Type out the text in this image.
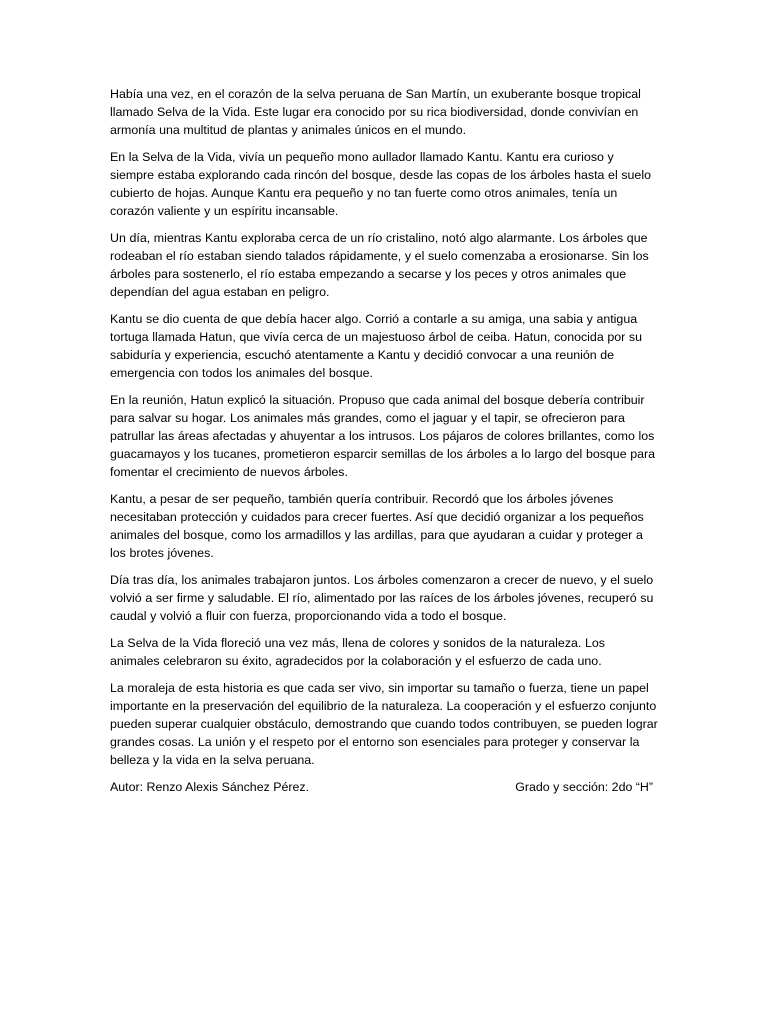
Había una vez, en el corazón de la selva peruana de San Martín, un exuberante bosque tropical llamado Selva de la Vida. Este lugar era conocido por su rica biodiversidad, donde convivían en armonía una multitud de plantas y animales únicos en el mundo.

En la Selva de la Vida, vivía un pequeño mono aullador llamado Kantu. Kantu era curioso y siempre estaba explorando cada rincón del bosque, desde las copas de los árboles hasta el suelo cubierto de hojas. Aunque Kantu era pequeño y no tan fuerte como otros animales, tenía un corazón valiente y un espíritu incansable.

Un día, mientras Kantu exploraba cerca de un río cristalino, notó algo alarmante. Los árboles que rodeaban el río estaban siendo talados rápidamente, y el suelo comenzaba a erosionarse. Sin los árboles para sostenerlo, el río estaba empezando a secarse y los peces y otros animales que dependían del agua estaban en peligro.

Kantu se dio cuenta de que debía hacer algo. Corrió a contarle a su amiga, una sabia y antigua tortuga llamada Hatun, que vivía cerca de un majestuoso árbol de ceiba. Hatun, conocida por su sabiduría y experiencia, escuchó atentamente a Kantu y decidió convocar a una reunión de emergencia con todos los animales del bosque.

En la reunión, Hatun explicó la situación. Propuso que cada animal del bosque debería contribuir para salvar su hogar. Los animales más grandes, como el jaguar y el tapir, se ofrecieron para patrullar las áreas afectadas y ahuyentar a los intrusos. Los pájaros de colores brillantes, como los guacamayos y los tucanes, prometieron esparcir semillas de los árboles a lo largo del bosque para fomentar el crecimiento de nuevos árboles.

Kantu, a pesar de ser pequeño, también quería contribuir. Recordó que los árboles jóvenes necesitaban protección y cuidados para crecer fuertes. Así que decidió organizar a los pequeños animales del bosque, como los armadillos y las ardillas, para que ayudaran a cuidar y proteger a los brotes jóvenes.

Día tras día, los animales trabajaron juntos. Los árboles comenzaron a crecer de nuevo, y el suelo volvió a ser firme y saludable. El río, alimentado por las raíces de los árboles jóvenes, recuperó su caudal y volvió a fluir con fuerza, proporcionando vida a todo el bosque.

La Selva de la Vida floreció una vez más, llena de colores y sonidos de la naturaleza. Los animales celebraron su éxito, agradecidos por la colaboración y el esfuerzo de cada uno.

La moraleja de esta historia es que cada ser vivo, sin importar su tamaño o fuerza, tiene un papel importante en la preservación del equilibrio de la naturaleza. La cooperación y el esfuerzo conjunto pueden superar cualquier obstáculo, demostrando que cuando todos contribuyen, se pueden lograr grandes cosas. La unión y el respeto por el entorno son esenciales para proteger y conservar la belleza y la vida en la selva peruana.

Autor: Renzo Alexis Sánchez Pérez.	Grado y sección: 2do “H”
